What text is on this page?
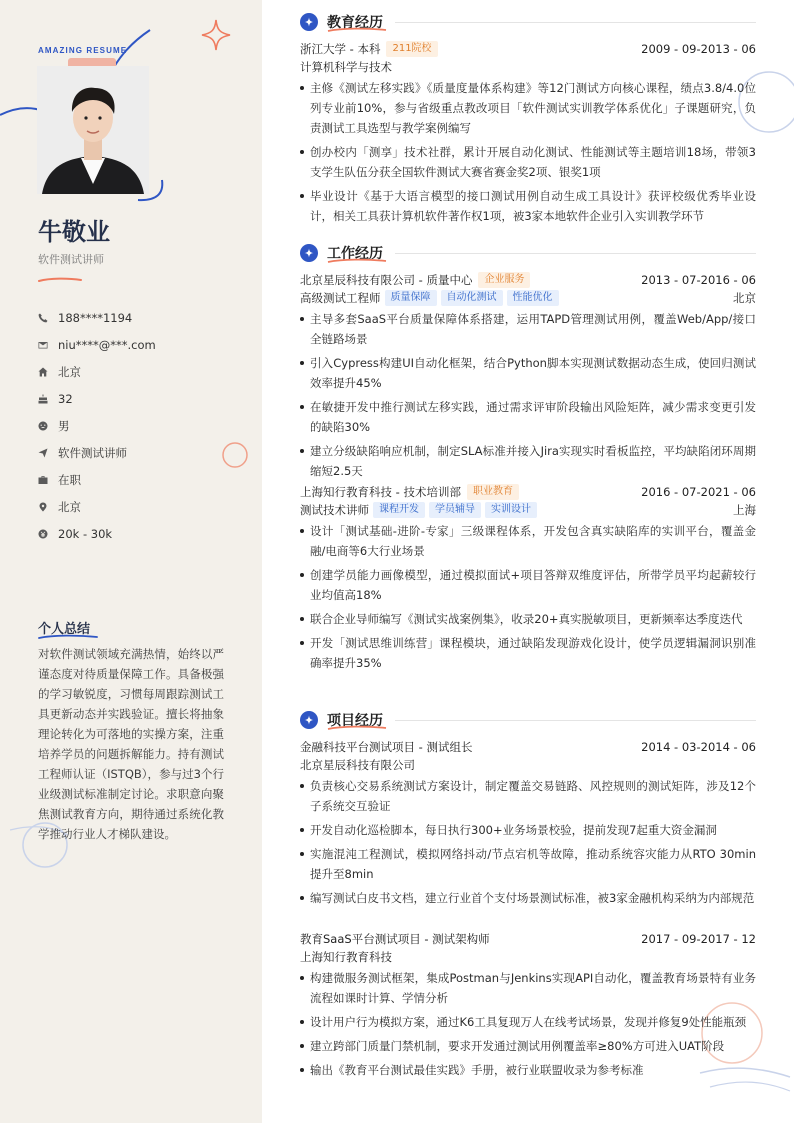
AMAZING RESUME
牛敬业
软件测试讲师
188****1194
niu****@***.com
北京
32
男
软件测试讲师
在职
北京
20k - 30k
个人总结

对软件测试领域充满热情，始终以严谨态度对待质量保障工作。具备极强的学习敏锐度，习惯每周跟踪测试工具更新动态并实践验证。擅长将抽象理论转化为可落地的实操方案，注重培养学员的问题拆解能力。持有测试工程师认证（ISTQB），参与过3个行业级测试标准制定讨论。求职意向聚焦测试教育方向，期待通过系统化教学推动行业人才梯队建设。

教育经历
浙江大学 - 本科	211院校	2009 - 09-2013 - 06
计算机科学与技术
主修《测试左移实践》《质量度量体系构建》等12门测试方向核心课程，绩点3.8/4.0位列专业前10%，参与省级重点教改项目「软件测试实训教学体系优化」子课题研究，负责测试工具选型与教学案例编写
创办校内「测享」技术社群，累计开展自动化测试、性能测试等主题培训18场，带领3支学生队伍分获全国软件测试大赛省赛金奖2项、银奖1项
毕业设计《基于大语言模型的接口测试用例自动生成工具设计》获评校级优秀毕业设计，相关工具获计算机软件著作权1项，被3家本地软件企业引入实训教学环节
工作经历
北京星辰科技有限公司 - 质量中心	企业服务	2013 - 07-2016 - 06
高级测试工程师	质量保障	自动化测试	性能优化	北京
主导多套SaaS平台质量保障体系搭建，运用TAPD管理测试用例，覆盖Web/App/接口全链路场景
引入Cypress构建UI自动化框架，结合Python脚本实现测试数据动态生成，使回归测试效率提升45%
在敏捷开发中推行测试左移实践，通过需求评审阶段输出风险矩阵，减少需求变更引发的缺陷30%
建立分级缺陷响应机制，制定SLA标准并接入Jira实现实时看板监控，平均缺陷闭环周期缩短2.5天
上海知行教育科技 - 技术培训部	职业教育	2016 - 07-2021 - 06
测试技术讲师	课程开发	学员辅导	实训设计	上海
设计「测试基础-进阶-专家」三级课程体系，开发包含真实缺陷库的实训平台，覆盖金融/电商等6大行业场景
创建学员能力画像模型，通过模拟面试+项目答辩双维度评估，所带学员平均起薪较行业均值高18%
联合企业导师编写《测试实战案例集》，收录20+真实脱敏项目，更新频率达季度迭代
开发「测试思维训练营」课程模块，通过缺陷发现游戏化设计，使学员逻辑漏洞识别准确率提升35%
项目经历
金融科技平台测试项目 - 测试组长	2014 - 03-2014 - 06
北京星辰科技有限公司
负责核心交易系统测试方案设计，制定覆盖交易链路、风控规则的测试矩阵，涉及12个子系统交互验证
开发自动化巡检脚本，每日执行300+业务场景校验，提前发现7起重大资金漏洞
实施混沌工程测试，模拟网络抖动/节点宕机等故障，推动系统容灾能力从RTO 30min提升至8min
编写测试白皮书文档，建立行业首个支付场景测试标准，被3家金融机构采纳为内部规范
教育SaaS平台测试项目 - 测试架构师	2017 - 09-2017 - 12
上海知行教育科技
构建微服务测试框架，集成Postman与Jenkins实现API自动化，覆盖教育场景特有业务流程如课时计算、学情分析
设计用户行为模拟方案，通过K6工具复现万人在线考试场景，发现并修复9处性能瓶颈
建立跨部门质量门禁机制，要求开发通过测试用例覆盖率≥80%方可进入UAT阶段
输出《教育平台测试最佳实践》手册，被行业联盟收录为参考标准
